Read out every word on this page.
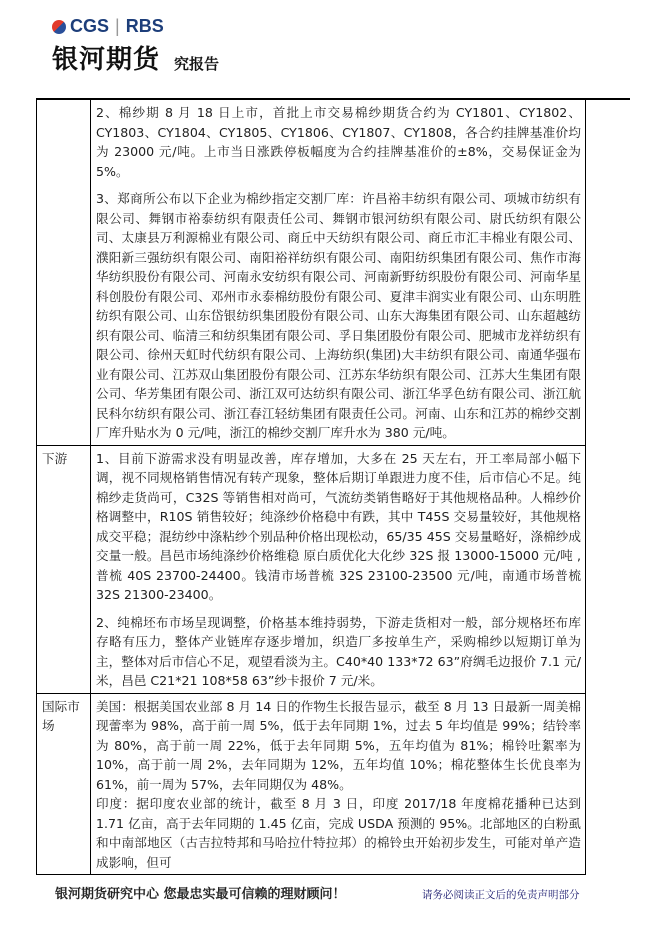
CGS | RBS
银河期货 究报告

	2、棉纱期 8 月 18 日上市，首批上市交易棉纱期货合约为 CY1801、CY1802、CY1803、CY1804、CY1805、CY1806、CY1807、CY1808，各合约挂牌基准价均为 23000 元/吨。上市当日涨跌停板幅度为合约挂牌基准价的±8%，交易保证金为 5%。

3、郑商所公布以下企业为棉纱指定交割厂库：许昌裕丰纺织有限公司、项城市纺织有限公司、舞钢市裕泰纺织有限责任公司、舞钢市银河纺织有限公司、尉氏纺织有限公司、太康县万利源棉业有限公司、商丘中天纺织有限公司、商丘市汇丰棉业有限公司、濮阳新三强纺织有限公司、南阳裕祥纺织有限公司、南阳纺织集团有限公司、焦作市海华纺织股份有限公司、河南永安纺织有限公司、河南新野纺织股份有限公司、河南华星科创股份有限公司、邓州市永泰棉纺股份有限公司、夏津丰润实业有限公司、山东明胜纺织有限公司、山东岱银纺织集团股份有限公司、山东大海集团有限公司、山东超越纺织有限公司、临清三和纺织集团有限公司、孚日集团股份有限公司、肥城市龙祥纺织有限公司、徐州天虹时代纺织有限公司、上海纺织(集团)大丰纺织有限公司、南通华强布业有限公司、江苏双山集团股份有限公司、江苏东华纺织有限公司、江苏大生集团有限公司、华芳集团有限公司、浙江双可达纺织有限公司、浙江华孚色纺有限公司、浙江航民科尔纺织有限公司、浙江春江轻纺集团有限责任公司。河南、山东和江苏的棉纱交割厂库升贴水为 0 元/吨，浙江的棉纱交割厂库升水为 380 元/吨。

下游	1、目前下游需求没有明显改善，库存增加，大多在 25 天左右，开工率局部小幅下调，视不同规格销售情况有转产现象，整体后期订单跟进力度不佳，后市信心不足。纯棉纱走货尚可，C32S 等销售相对尚可，气流纺类销售略好于其他规格品种。人棉纱价格调整中，R10S 销售较好；纯涤纱价格稳中有跌，其中 T45S 交易量较好，其他规格成交平稳；混纺纱中涤粘纱个别品种价格出现松动，65/35 45S 交易量略好，涤棉纱成交量一般。昌邑市场纯涤纱价格维稳 原白质优化大化纱 32S 报 13000-15000 元/吨 ,普梳 40S 23700-24400。钱清市场普梳 32S 23100-23500 元/吨，南通市场普梳 32S 21300-23400。

2、纯棉坯布市场呈现调整，价格基本维持弱势，下游走货相对一般，部分规格坯布库存略有压力，整体产业链库存逐步增加，织造厂多按单生产，采购棉纱以短期订单为主，整体对后市信心不足，观望看淡为主。C40*40 133*72 63”府绸毛边报价 7.1 元/米，昌邑 C21*21 108*58 63”纱卡报价 7 元/米。

国际市场	美国：根据美国农业部 8 月 14 日的作物生长报告显示，截至 8 月 13 日最新一周美棉现蕾率为 98%，高于前一周 5%，低于去年同期 1%，过去 5 年均值是 99%；结铃率为 80%，高于前一周 22%，低于去年同期 5%，五年均值为 81%；棉铃吐絮率为 10%，高于前一周 2%，去年同期为 12%，五年均值 10%；棉花整体生长优良率为 61%，前一周为 57%，去年同期仅为 48%。

印度：据印度农业部的统计，截至 8 月 3 日，印度 2017/18 年度棉花播种已达到 1.71 亿亩，高于去年同期的 1.45 亿亩，完成 USDA 预测的 95%。北部地区的白粉虱和中南部地区（古吉拉特邦和马哈拉什特拉邦）的棉铃虫开始初步发生，可能对单产造成影响，但可

银河期货研究中心 您最忠实最可信赖的理财顾问！	请务必阅读正文后的免责声明部分
